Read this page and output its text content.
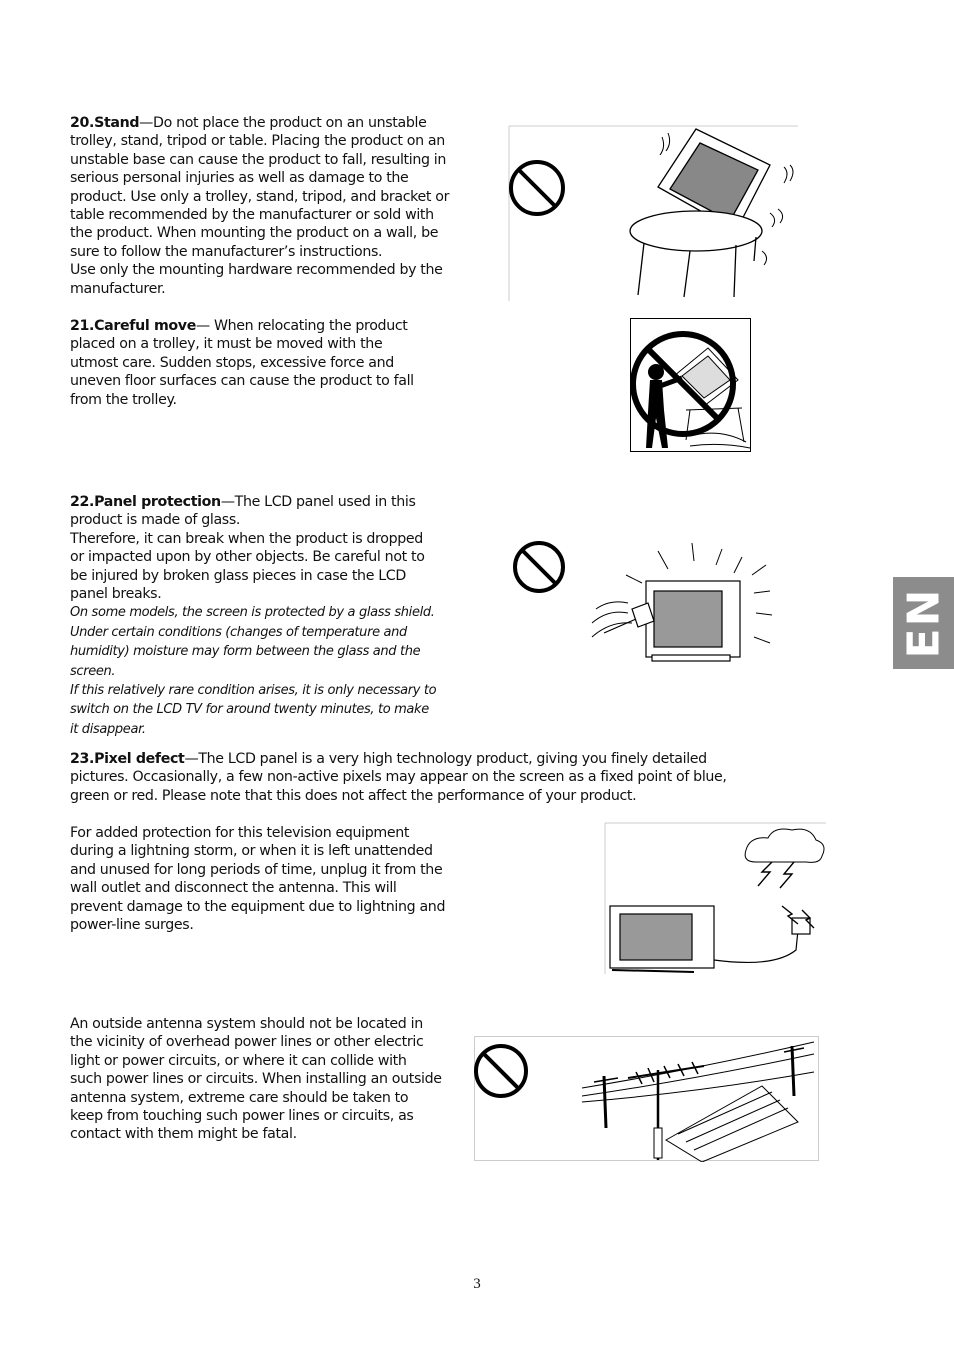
20.Stand—Do not place the product on an unstable trolley, stand, tripod or table. Placing the product on an unstable base can cause the product to fall, resulting in serious personal injuries as well as damage to the product. Use only a trolley, stand, tripod, and bracket or table recommended by the manufacturer or sold with the product. When mounting the product on a wall, be sure to follow the manufacturer’s instructions.
Use only the mounting hardware recommended by the manufacturer.
21.Careful move— When relocating the product placed on a trolley, it must be moved with the utmost care. Sudden stops, excessive force and uneven floor surfaces can cause the product to fall from the trolley.
22.Panel protection—The LCD panel used in this product is made of glass.
Therefore, it can break when the product is dropped or impacted upon by other objects. Be careful not to be injured by broken glass pieces in case the LCD panel breaks.
On some models, the screen is protected by a glass shield. Under certain conditions (changes of temperature and humidity) moisture may form between the glass and the screen.
If this relatively rare condition arises, it is only necessary to switch on the LCD TV for around twenty minutes, to make it disappear.
23.Pixel defect—The LCD panel is a very high technology product, giving you finely detailed pictures. Occasionally, a few non-active pixels may appear on the screen as a fixed point of blue, green or red. Please note that this does not affect the performance of your product.
For added protection for this television equipment during a lightning storm, or when it is left unattended and unused for long periods of time, unplug it from the wall outlet and disconnect the antenna. This will prevent damage to the equipment due to lightning and power-line surges.
An outside antenna system should not be located in the vicinity of overhead power lines or other electric light or power circuits, or where it can collide with such power lines or circuits. When installing an outside antenna system, extreme care should be taken to keep from touching such power lines or circuits, as contact with them might be fatal.
EN
3
